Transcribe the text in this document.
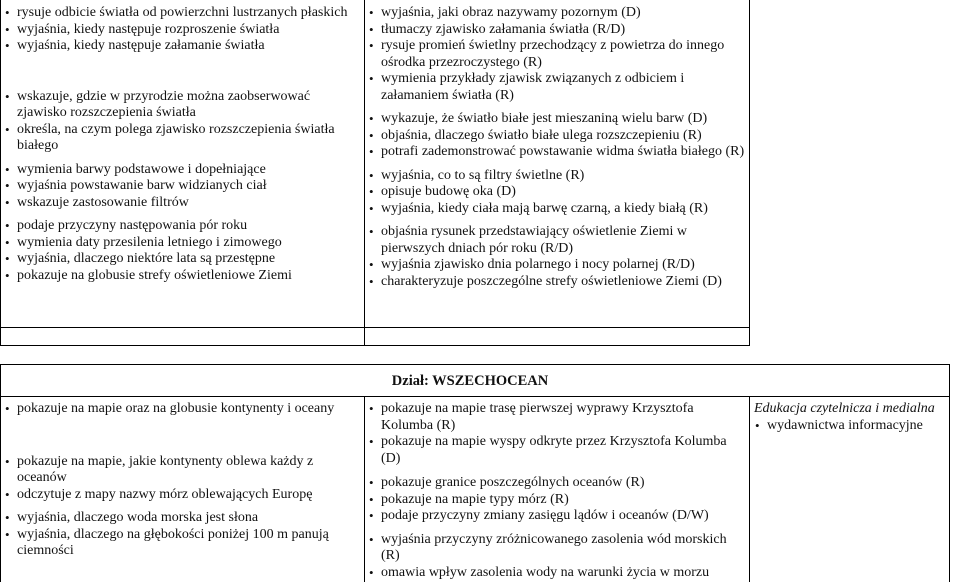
• rysuje odbicie światła od powierzchni lustrzanych płaskich
• wyjaśnia, kiedy następuje rozproszenie światła
• wyjaśnia, kiedy następuje załamanie światła
• wskazuje, gdzie w przyrodzie można zaobserwować zjawisko rozszczepienia światła
• określa, na czym polega zjawisko rozszczepienia światła białego
• wymienia barwy podstawowe i dopełniające
• wyjaśnia powstawanie barw widzianych ciał
• wskazuje zastosowanie filtrów
• podaje przyczyny następowania pór roku
• wymienia daty przesilenia letniego i zimowego
• wyjaśnia, dlaczego niektóre lata są przestępne
• pokazuje na globusie strefy oświetleniowe Ziemi
• wyjaśnia, jaki obraz nazywamy pozornym (D)
• tłumaczy zjawisko załamania światła (R/D)
• rysuje promień świetlny przechodzący z powietrza do innego ośrodka przezroczystego (R)
• wymienia przykłady zjawisk związanych z odbiciem i załamaniem światła (R)
• wykazuje, że światło białe jest mieszaniną wielu barw (D)
• objaśnia, dlaczego światło białe ulega rozszczepieniu (R)
• potrafi zademonstrować powstawanie widma światła białego (R)
• wyjaśnia, co to są filtry świetlne (R)
• opisuje budowę oka (D)
• wyjaśnia, kiedy ciała mają barwę czarną, a kiedy białą (R)
• objaśnia rysunek przedstawiający oświetlenie Ziemi w pierwszych dniach pór roku (R/D)
• wyjaśnia zjawisko dnia polarnego i nocy polarnej (R/D)
• charakteryzuje poszczególne strefy oświetleniowe Ziemi (D)
Dział: WSZECHOCEAN
• pokazuje na mapie oraz na globusie kontynenty i oceany
• pokazuje na mapie, jakie kontynenty oblewa każdy z oceanów
• odczytuje z mapy nazwy mórz oblewających Europę
• wyjaśnia, dlaczego woda morska jest słona
• wyjaśnia, dlaczego na głębokości poniżej 100 m panują ciemności
• pokazuje na mapie trasę pierwszej wyprawy Krzysztofa Kolumba (R)
• pokazuje na mapie wyspy odkryte przez Krzysztofa Kolumba (D)
• pokazuje granice poszczególnych oceanów (R)
• pokazuje na mapie typy mórz (R)
• podaje przyczyny zmiany zasięgu lądów i oceanów (D/W)
• wyjaśnia przyczyny zróżnicowanego zasolenia wód morskich (R)
• omawia wpływ zasolenia wody na warunki życia w morzu
Edukacja czytelnicza i medialna
• wydawnictwa informacyjne
